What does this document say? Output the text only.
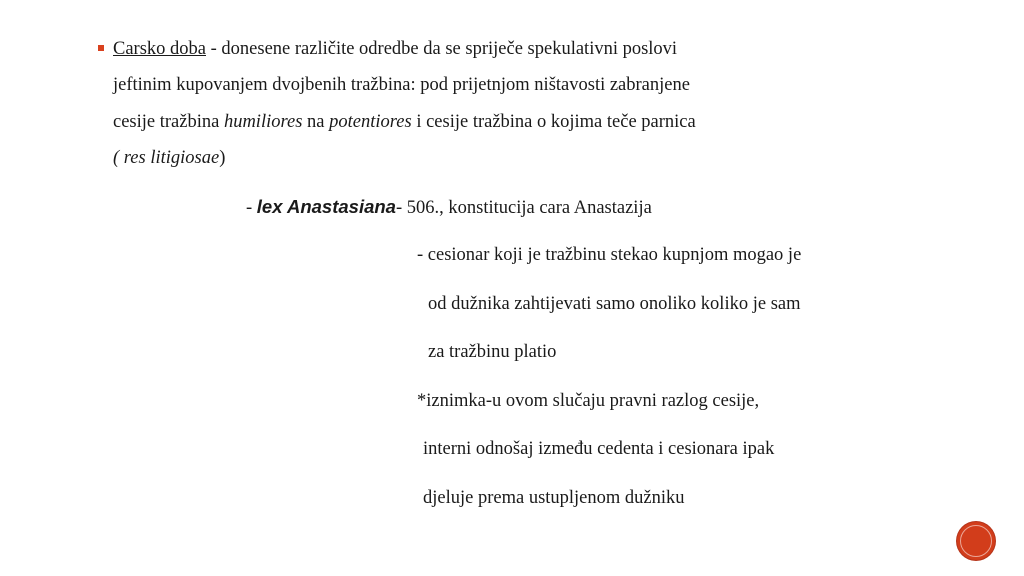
Carsko doba - donesene različite odredbe da se spriječe spekulativni poslovi
jeftinim kupovanjem dvojbenih tražbina: pod prijetnjom ništavosti zabranjene
cesije tražbina humiliores na potentiores i cesije tražbina o kojima teče parnica
( res litigiosae)
- lex Anastasiana- 506., konstitucija cara Anastazija
- cesionar koji je tražbinu stekao kupnjom mogao je
od dužnika zahtijevati samo onoliko koliko je sam
za tražbinu platio
*iznimka-u ovom slučaju pravni razlog cesije,
interni odnošaj između cedenta i cesionara ipak
djeluje prema ustupljenom dužniku
